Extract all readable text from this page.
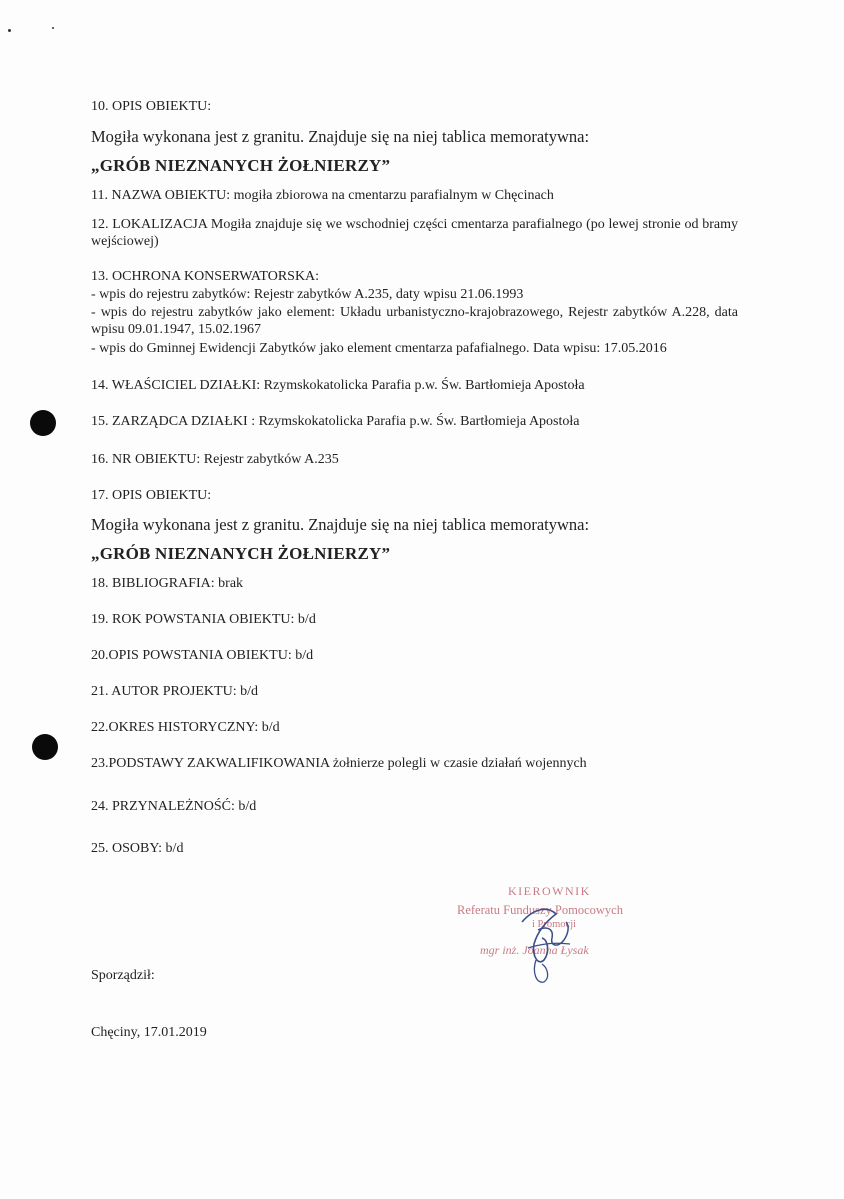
10. OPIS OBIEKTU:
Mogiła wykonana jest z granitu. Znajduje się na niej tablica memoratywna:
„GRÓB NIEZNANYCH ŻOŁNIERZY”
11. NAZWA OBIEKTU: mogiła zbiorowa na cmentarzu parafialnym w Chęcinach
12. LOKALIZACJA Mogiła znajduje się we wschodniej części cmentarza parafialnego (po lewej stronie od bramy wejściowej)
13. OCHRONA KONSERWATORSKA:
- wpis do rejestru zabytków: Rejestr zabytków A.235, daty wpisu 21.06.1993
- wpis do rejestru zabytków jako element: Układu urbanistyczno-krajobrazowego, Rejestr zabytków A.228, data wpisu 09.01.1947, 15.02.1967
- wpis do Gminnej Ewidencji Zabytków jako element cmentarza pafafialnego. Data wpisu: 17.05.2016
14. WŁAŚCICIEL DZIAŁKI: Rzymskokatolicka Parafia p.w. Św. Bartłomieja Apostoła
15. ZARZĄDCA DZIAŁKI : Rzymskokatolicka Parafia p.w. Św. Bartłomieja Apostoła
16. NR OBIEKTU: Rejestr zabytków A.235
17. OPIS OBIEKTU:
Mogiła wykonana jest z granitu. Znajduje się na niej tablica memoratywna:
„GRÓB NIEZNANYCH ŻOŁNIERZY”
18. BIBLIOGRAFIA: brak
19. ROK POWSTANIA OBIEKTU: b/d
20.OPIS POWSTANIA OBIEKTU: b/d
21. AUTOR PROJEKTU: b/d
22.OKRES HISTORYCZNY: b/d
23.PODSTAWY ZAKWALIFIKOWANIA żołnierze polegli w czasie działań wojennych
24. PRZYNALEŻNOŚĆ: b/d
25. OSOBY: b/d
KIEROWNIK
Referatu Funduszy Pomocowych
i Promocji
mgr inż. Joanna Łysak
Sporządził:
Chęciny, 17.01.2019
